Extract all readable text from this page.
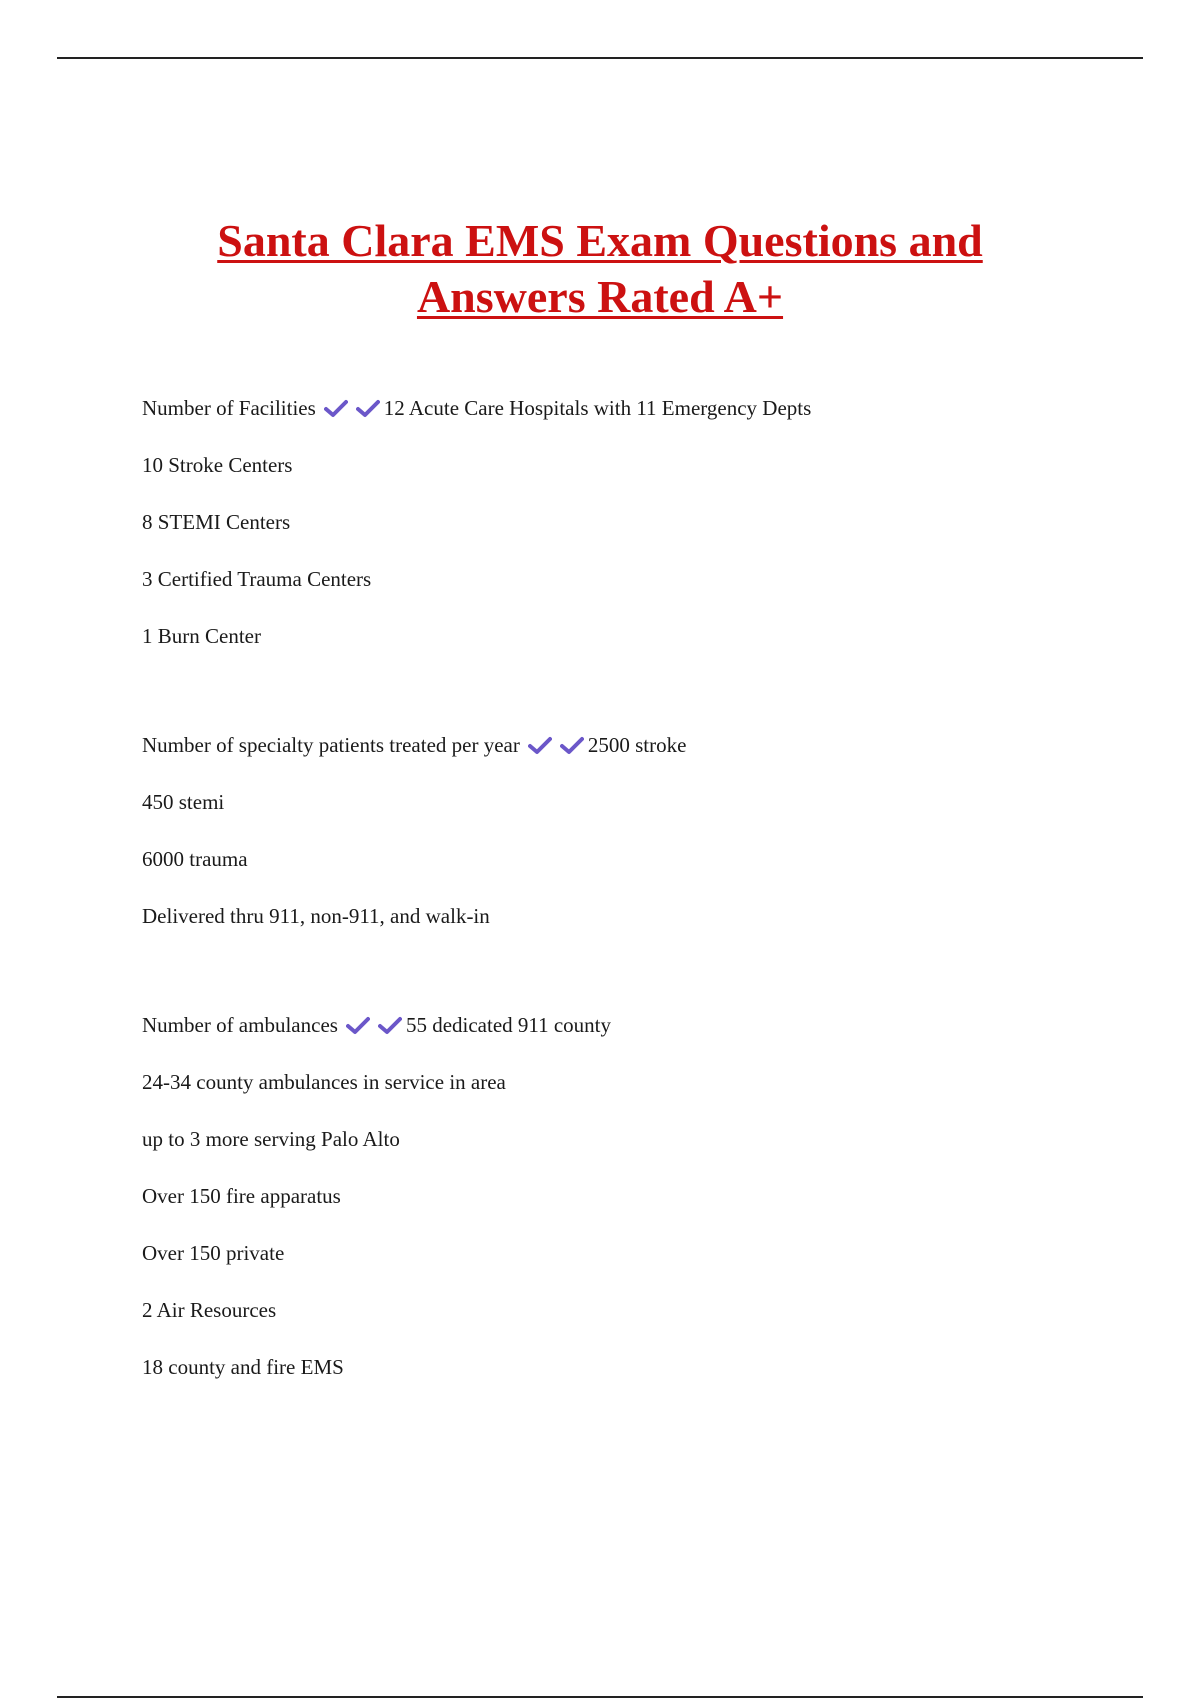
Santa Clara EMS Exam Questions and
Answers Rated A+
Number of Facilities	12 Acute Care Hospitals with 11 Emergency Depts
10 Stroke Centers
8 STEMI Centers
3 Certified Trauma Centers
1 Burn Center
Number of specialty patients treated per year	2500 stroke
450 stemi
6000 trauma
Delivered thru 911, non-911, and walk-in
Number of ambulances	55 dedicated 911 county
24-34 county ambulances in service in area
up to 3 more serving Palo Alto
Over 150 fire apparatus
Over 150 private
2 Air Resources
18 county and fire EMS
